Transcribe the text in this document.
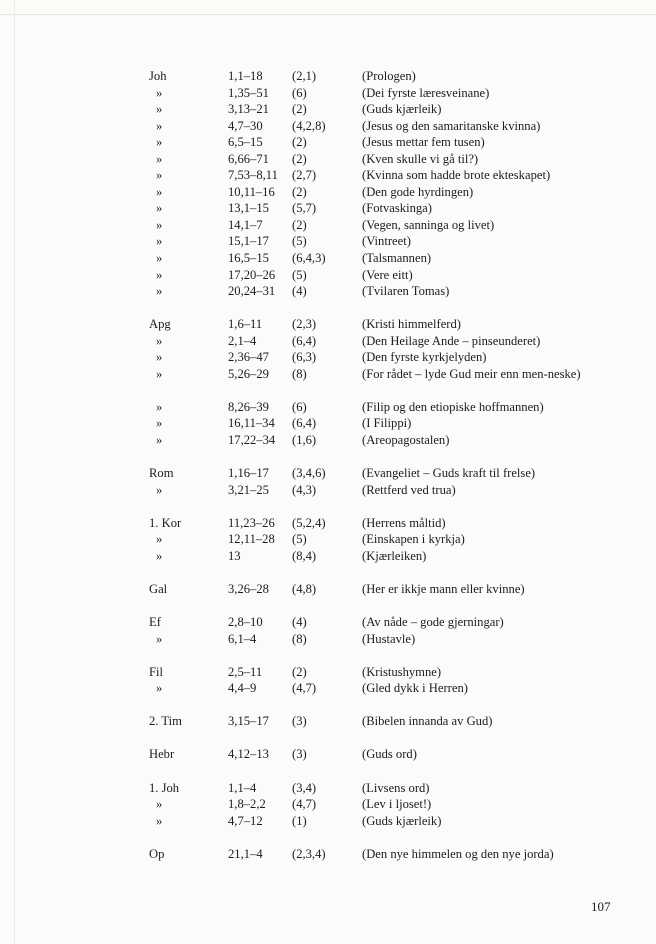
Joh	1,1–18 (2,1)	(Prologen)
»	1,35–51 (6)	(Dei fyrste læresveinane)
»	3,13–21 (2)	(Guds kjærleik)
»	4,7–30 (4,2,8)	(Jesus og den samaritanske kvinna)
»	6,5–15 (2)	(Jesus mettar fem tusen)
»	6,66–71 (2)	(Kven skulle vi gå til?)
»	7,53–8,11 (2,7)	(Kvinna som hadde brote ekteskapet)
»	10,11–16 (2)	(Den gode hyrdingen)
»	13,1–15 (5,7)	(Fotvaskinga)
»	14,1–7 (2)	(Vegen, sanninga og livet)
»	15,1–17 (5)	(Vintreet)
»	16,5–15 (6,4,3)	(Talsmannen)
»	17,20–26 (5)	(Vere eitt)
»	20,24–31 (4)	(Tvilaren Tomas)
Apg	1,6–11 (2,3)	(Kristi himmelferd)
»	2,1–4	(6,4)	(Den Heilage Ande – pinseunderet)
»	2,36–47 (6,3)	(Den fyrste kyrkjelyden)
»	5,26–29 (8)	(For rådet – lyde Gud meir enn men-neske)
»	8,26–39 (6)	(Filip og den etiopiske hoffmannen)
»	16,11–34 (6,4)	(I Filippi)
»	17,22–34 (1,6)	(Areopagostalen)
Rom	1,16–17 (3,4,6)	(Evangeliet – Guds kraft til frelse)
»	3,21–25 (4,3)	(Rettferd ved trua)
1. Kor	11,23–26 (5,2,4)	(Herrens måltid)
»	12,11–28 (5)	(Einskapen i kyrkja)
»	13	(8,4)	(Kjærleiken)
Gal	3,26–28 (4,8)	(Her er ikkje mann eller kvinne)
Ef	2,8–10 (4)	(Av nåde – gode gjerningar)
»	6,1–4	(8)	(Hustavle)
Fil	2,5–11 (2)	(Kristushymne)
»	4,4–9	(4,7)	(Gled dykk i Herren)
2. Tim	3,15–17 (3)	(Bibelen innanda av Gud)
Hebr	4,12–13 (3)	(Guds ord)
1. Joh	1,1–4	(3,4)	(Livsens ord)
»	1,8–2,2 (4,7)	(Lev i ljoset!)
»	4,7–12 (1)	(Guds kjærleik)
Op	21,1–4 (2,3,4)	(Den nye himmelen og den nye jorda)
107
